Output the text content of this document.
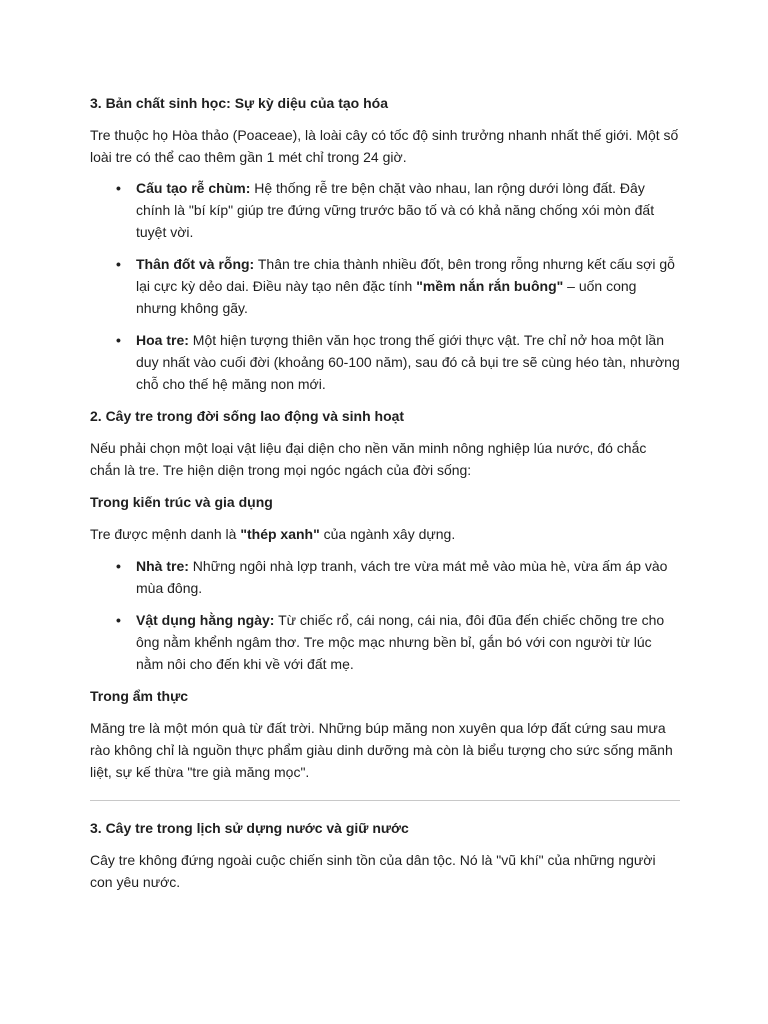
3. Bản chất sinh học: Sự kỳ diệu của tạo hóa

Tre thuộc họ Hòa thảo (Poaceae), là loài cây có tốc độ sinh trưởng nhanh nhất thế giới. Một số loài tre có thể cao thêm gần 1 mét chỉ trong 24 giờ.

• Cấu tạo rễ chùm: Hệ thống rễ tre bện chặt vào nhau, lan rộng dưới lòng đất. Đây chính là "bí kíp" giúp tre đứng vững trước bão tố và có khả năng chống xói mòn đất tuyệt vời.
• Thân đốt và rỗng: Thân tre chia thành nhiều đốt, bên trong rỗng nhưng kết cấu sợi gỗ lại cực kỳ dẻo dai. Điều này tạo nên đặc tính "mềm nắn rắn buông" – uốn cong nhưng không gãy.
• Hoa tre: Một hiện tượng thiên văn học trong thế giới thực vật. Tre chỉ nở hoa một lần duy nhất vào cuối đời (khoảng 60-100 năm), sau đó cả bụi tre sẽ cùng héo tàn, nhường chỗ cho thế hệ măng non mới.
2. Cây tre trong đời sống lao động và sinh hoạt

Nếu phải chọn một loại vật liệu đại diện cho nền văn minh nông nghiệp lúa nước, đó chắc chắn là tre. Tre hiện diện trong mọi ngóc ngách của đời sống:

Trong kiến trúc và gia dụng

Tre được mệnh danh là "thép xanh" của ngành xây dựng.

• Nhà tre: Những ngôi nhà lợp tranh, vách tre vừa mát mẻ vào mùa hè, vừa ấm áp vào mùa đông.
• Vật dụng hằng ngày: Từ chiếc rổ, cái nong, cái nia, đôi đũa đến chiếc chõng tre cho ông nằm khểnh ngâm thơ. Tre mộc mạc nhưng bền bỉ, gắn bó với con người từ lúc nằm nôi cho đến khi về với đất mẹ.
Trong ẩm thực

Măng tre là một món quà từ đất trời. Những búp măng non xuyên qua lớp đất cứng sau mưa rào không chỉ là nguồn thực phẩm giàu dinh dưỡng mà còn là biểu tượng cho sức sống mãnh liệt, sự kế thừa "tre già măng mọc".

3. Cây tre trong lịch sử dựng nước và giữ nước

Cây tre không đứng ngoài cuộc chiến sinh tồn của dân tộc. Nó là "vũ khí" của những người con yêu nước.
